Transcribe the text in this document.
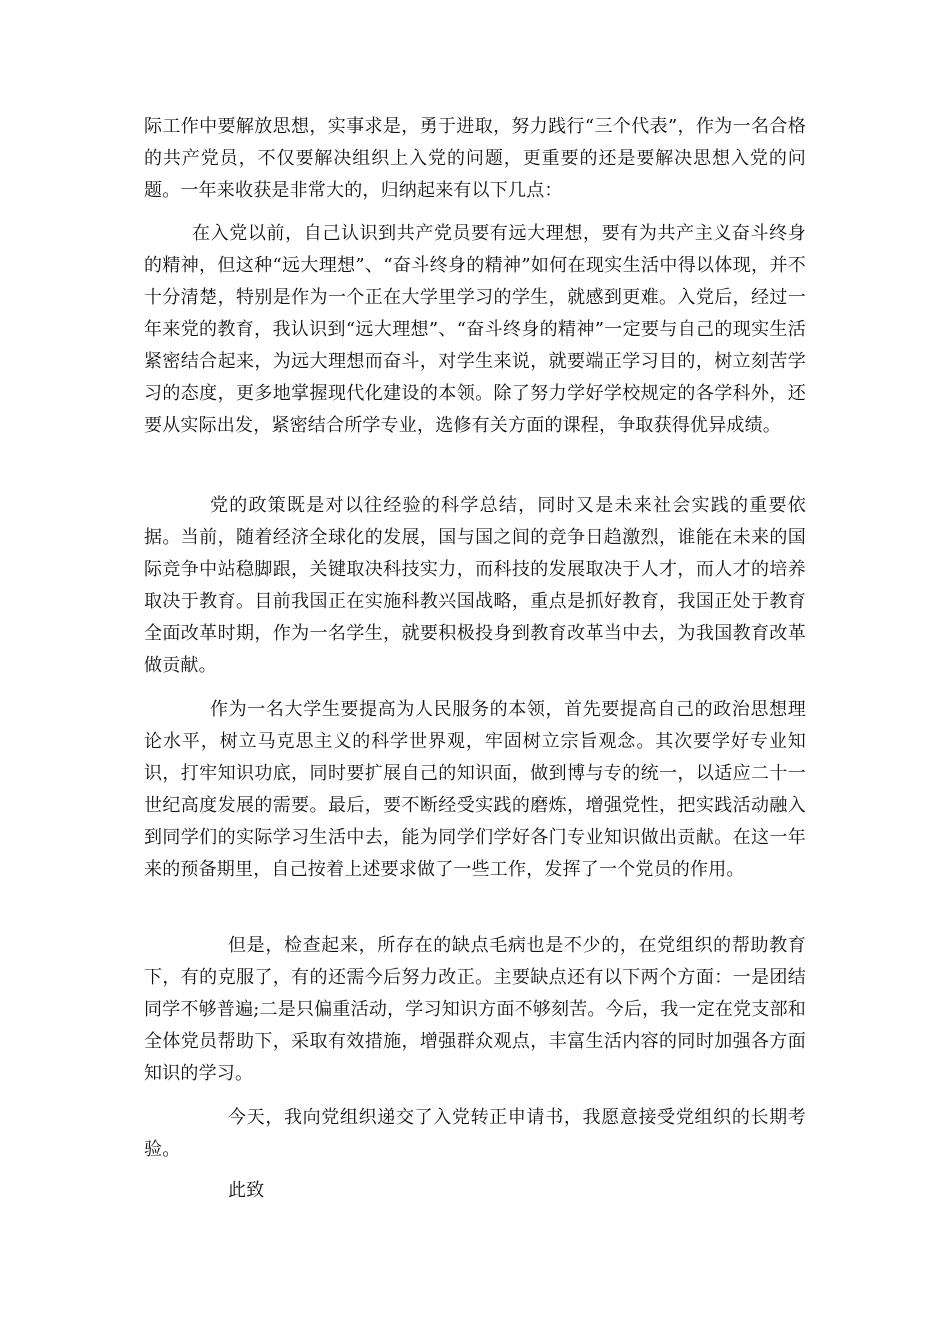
际工作中要解放思想，实事求是，勇于进取，努力践行“三个代表”，作为一名合格的共产党员，不仅要解决组织上入党的问题，更重要的还是要解决思想入党的问题。一年来收获是非常大的，归纳起来有以下几点：

在入党以前，自己认识到共产党员要有远大理想，要有为共产主义奋斗终身的精神，但这种“远大理想”、“奋斗终身的精神”如何在现实生活中得以体现，并不十分清楚，特别是作为一个正在大学里学习的学生，就感到更难。入党后，经过一年来党的教育，我认识到“远大理想”、“奋斗终身的精神”一定要与自己的现实生活紧密结合起来，为远大理想而奋斗，对学生来说，就要端正学习目的，树立刻苦学习的态度，更多地掌握现代化建设的本领。除了努力学好学校规定的各学科外，还要从实际出发，紧密结合所学专业，选修有关方面的课程，争取获得优异成绩。

党的政策既是对以往经验的科学总结，同时又是未来社会实践的重要依据。当前，随着经济全球化的发展，国与国之间的竞争日趋激烈，谁能在未来的国际竞争中站稳脚跟，关键取决科技实力，而科技的发展取决于人才，而人才的培养取决于教育。目前我国正在实施科教兴国战略，重点是抓好教育，我国正处于教育全面改革时期，作为一名学生，就要积极投身到教育改革当中去，为我国教育改革做贡献。

作为一名大学生要提高为人民服务的本领，首先要提高自己的政治思想理论水平，树立马克思主义的科学世界观，牢固树立宗旨观念。其次要学好专业知识，打牢知识功底，同时要扩展自己的知识面，做到博与专的统一，以适应二十一世纪高度发展的需要。最后，要不断经受实践的磨炼，增强党性，把实践活动融入到同学们的实际学习生活中去，能为同学们学好各门专业知识做出贡献。在这一年来的预备期里，自己按着上述要求做了一些工作，发挥了一个党员的作用。

但是，检查起来，所存在的缺点毛病也是不少的，在党组织的帮助教育下，有的克服了，有的还需今后努力改正。主要缺点还有以下两个方面：一是团结同学不够普遍;二是只偏重活动，学习知识方面不够刻苦。今后，我一定在党支部和全体党员帮助下，采取有效措施，增强群众观点，丰富生活内容的同时加强各方面知识的学习。

今天，我向党组织递交了入党转正申请书，我愿意接受党组织的长期考验。

此致
